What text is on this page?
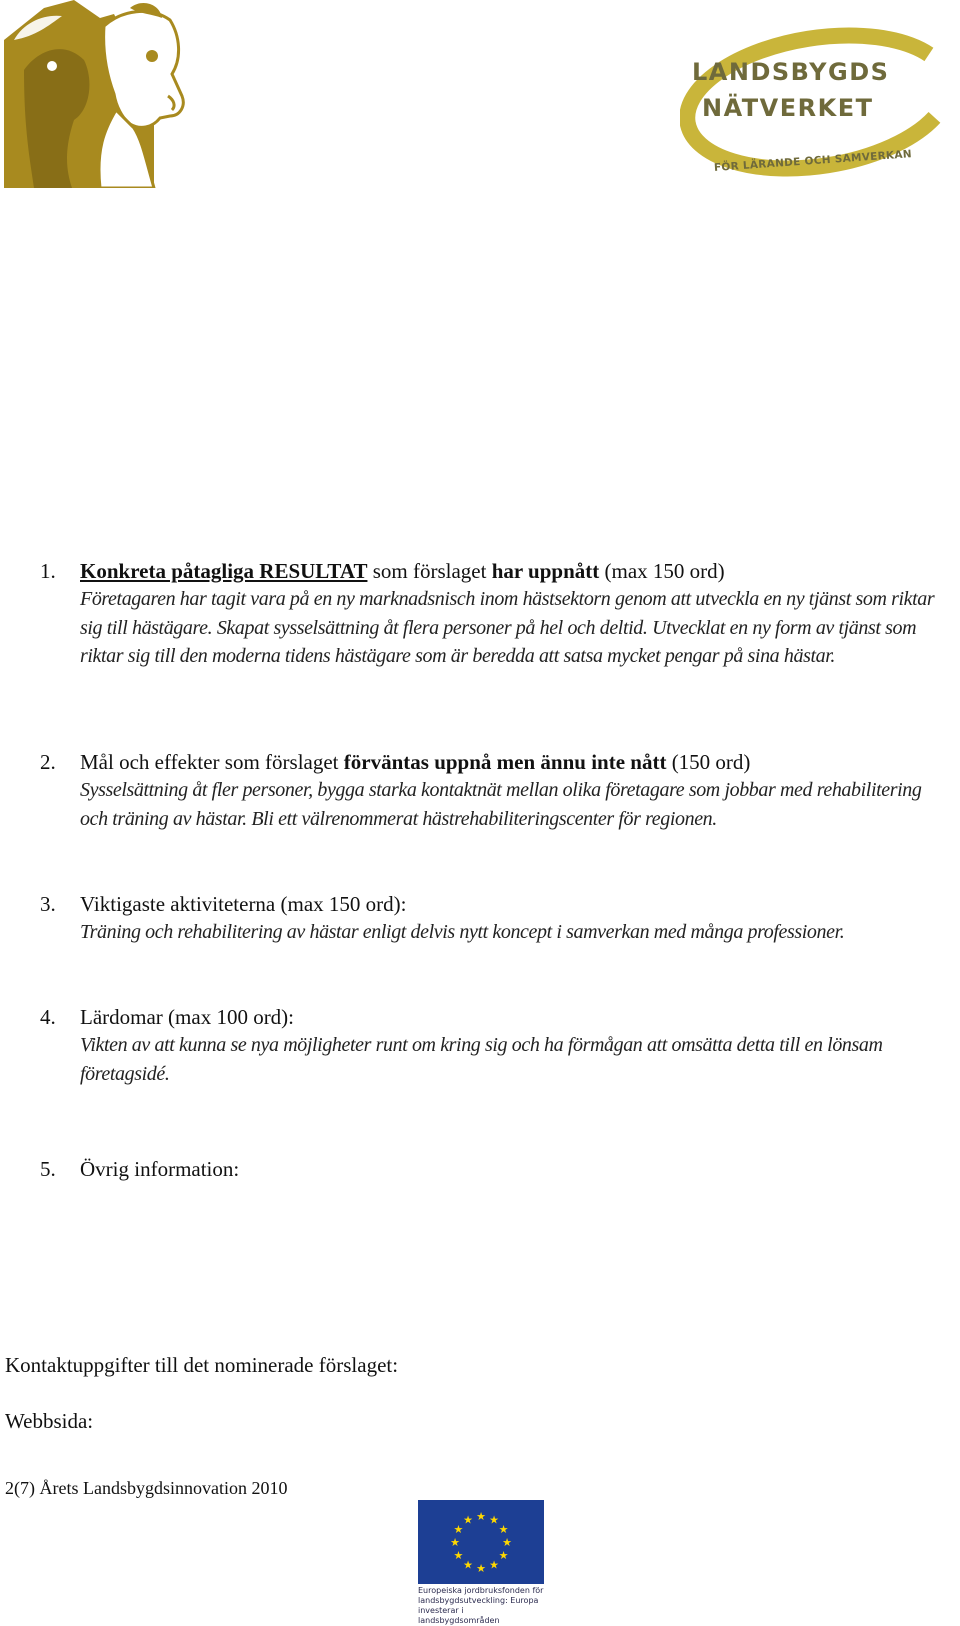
LANDSBYGDS
NÄTVERKET
FÖR LÄRANDE OCH SAMVERKAN
1. Konkreta påtagliga RESULTAT som förslaget har uppnått (max 150 ord)
Företagaren har tagit vara på en ny marknadsnisch inom hästsektorn genom att utveckla en ny tjänst som riktar sig till hästägare. Skapat sysselsättning åt flera personer på hel och deltid. Utvecklat en ny form av tjänst som riktar sig till den moderna tidens hästägare som är beredda att satsa mycket pengar på sina hästar.
2. Mål och effekter som förslaget förväntas uppnå men ännu inte nått (150 ord)
Sysselsättning åt fler personer, bygga starka kontaktnät mellan olika företagare som jobbar med rehabilitering och träning av hästar. Bli ett välrenommerat hästrehabiliteringscenter för regionen.
3. Viktigaste aktiviteterna (max 150 ord):
Träning och rehabilitering av hästar enligt delvis nytt koncept i samverkan med många professioner.
4. Lärdomar (max 100 ord):
Vikten av att kunna se nya möjligheter runt om kring sig och ha förmågan att omsätta detta till en lönsam företagsidé.
5. Övrig information:
Kontaktuppgifter till det nominerade förslaget:
Webbsida:
2(7) Årets Landsbygdsinnovation 2010
★ ★
★
★
★
★
★
★
★
★
★
★
Europeiska jordbruksfonden för landsbygdsutveckling: Europa investerar i landsbygdsområden
